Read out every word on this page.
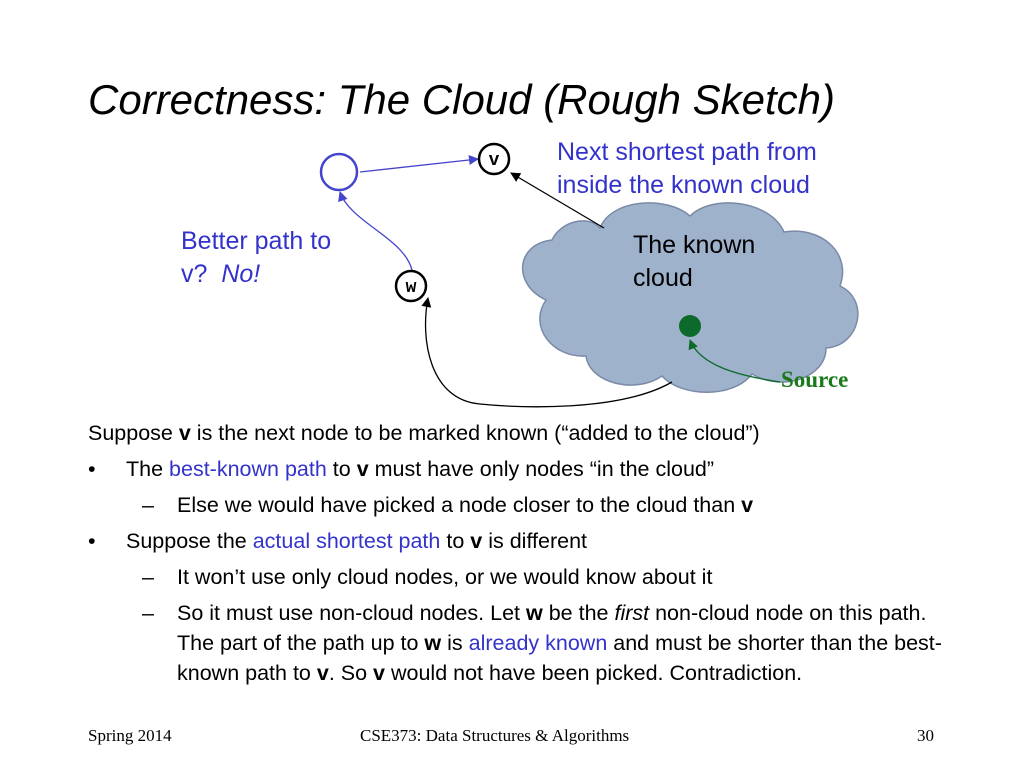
Correctness: The Cloud (Rough Sketch)
v
w
The known cloud
Next shortest path from inside the known cloud
Better path to
v? No!
Source
Suppose v is the next node to be marked known (“added to the cloud”)
• The best-known path to v must have only nodes “in the cloud”
– Else we would have picked a node closer to the cloud than v
• Suppose the actual shortest path to v is different
– It won’t use only cloud nodes, or we would know about it
– So it must use non-cloud nodes. Let w be the first non-cloud node on this path. The part of the path up to w is already known and must be shorter than the best-known path to v. So v would not have been picked. Contradiction.
Spring 2014	CSE373: Data Structures & Algorithms	30
